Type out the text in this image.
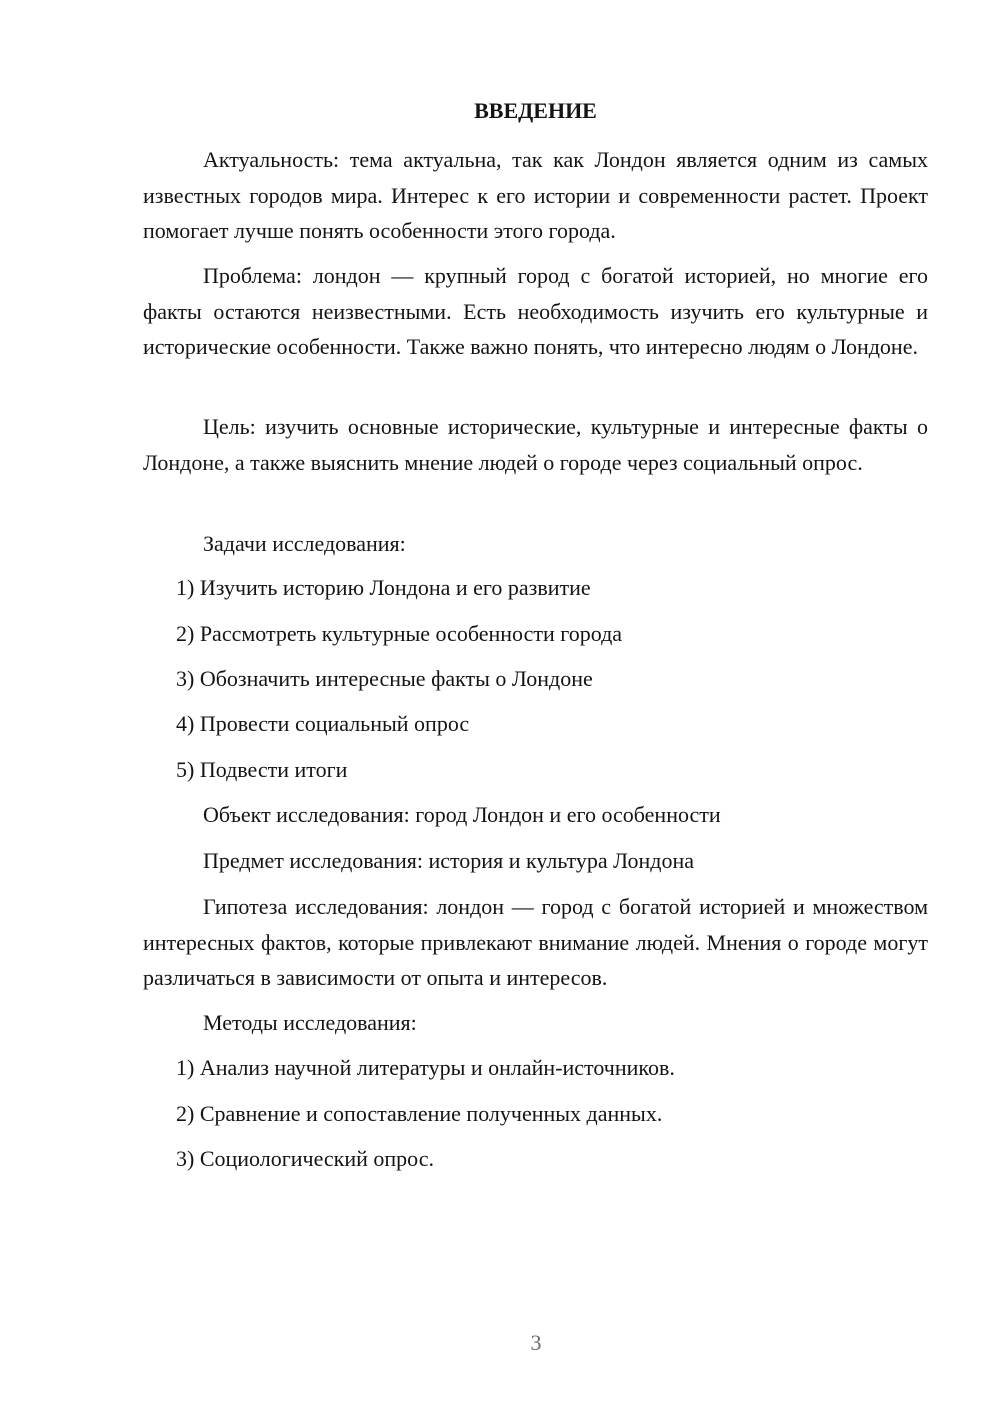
ВВЕДЕНИЕ

Актуальность: тема актуальна, так как Лондон является одним из самых известных городов мира. Интерес к его истории и современности растет. Проект помогает лучше понять особенности этого города.

Проблема: лондон — крупный город с богатой историей, но многие его факты остаются неизвестными. Есть необходимость изучить его культурные и исторические особенности. Также важно понять, что интересно людям о Лондоне.

Цель: изучить основные исторические, культурные и интересные факты о Лондоне, а также выяснить мнение людей о городе через социальный опрос.

Задачи исследования:

1) Изучить историю Лондона и его развитие

2) Рассмотреть культурные особенности города

3) Обозначить интересные факты о Лондоне

4) Провести социальный опрос

5) Подвести итоги

Объект исследования: город Лондон и его особенности

Предмет исследования: история и культура Лондона

Гипотеза исследования: лондон — город с богатой историей и множеством интересных фактов, которые привлекают внимание людей. Мнения о городе могут различаться в зависимости от опыта и интересов.

Методы исследования:

1) Анализ научной литературы и онлайн-источников.

2) Сравнение и сопоставление полученных данных.

3) Социологический опрос.

3
